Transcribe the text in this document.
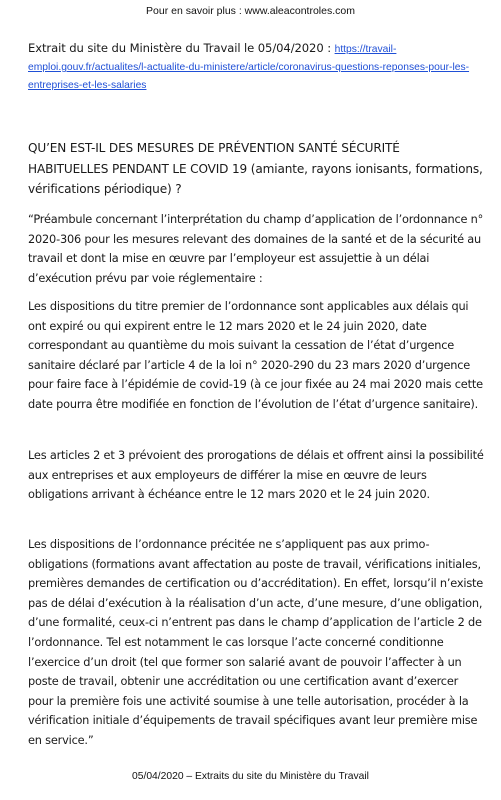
Pour en savoir plus : www.aleacontroles.com
Extrait du site du Ministère du Travail le 05/04/2020 : https://travail-emploi.gouv.fr/actualites/l-actualite-du-ministere/article/coronavirus-questions-reponses-pour-les-entreprises-et-les-salaries
QU’EN EST-IL DES MESURES DE PRÉVENTION SANTÉ SÉCURITÉ HABITUELLES PENDANT LE COVID 19 (amiante, rayons ionisants, formations, vérifications périodique) ?

“Préambule concernant l’interprétation du champ d’application de l’ordonnance n° 2020-306 pour les mesures relevant des domaines de la santé et de la sécurité au travail et dont la mise en œuvre par l’employeur est assujettie à un délai d’exécution prévu par voie réglementaire :

Les dispositions du titre premier de l’ordonnance sont applicables aux délais qui ont expiré ou qui expirent entre le 12 mars 2020 et le 24 juin 2020, date correspondant au quantième du mois suivant la cessation de l’état d’urgence sanitaire déclaré par l’article 4 de la loi n° 2020-290 du 23 mars 2020 d’urgence pour faire face à l’épidémie de covid-19 (à ce jour fixée au 24 mai 2020 mais cette date pourra être modifiée en fonction de l’évolution de l’état d’urgence sanitaire).

Les articles 2 et 3 prévoient des prorogations de délais et offrent ainsi la possibilité aux entreprises et aux employeurs de différer la mise en œuvre de leurs obligations arrivant à échéance entre le 12 mars 2020 et le 24 juin 2020.

Les dispositions de l’ordonnance précitée ne s’appliquent pas aux primo-obligations (formations avant affectation au poste de travail, vérifications initiales, premières demandes de certification ou d’accréditation). En effet, lorsqu’il n’existe pas de délai d’exécution à la réalisation d’un acte, d’une mesure, d’une obligation, d’une formalité, ceux-ci n’entrent pas dans le champ d’application de l’article 2 de l’ordonnance. Tel est notamment le cas lorsque l’acte concerné conditionne l’exercice d’un droit (tel que former son salarié avant de pouvoir l’affecter à un poste de travail, obtenir une accréditation ou une certification avant d’exercer pour la première fois une activité soumise à une telle autorisation, procéder à la vérification initiale d’équipements de travail spécifiques avant leur première mise en service.”

05/04/2020 – Extraits du site du Ministère du Travail
